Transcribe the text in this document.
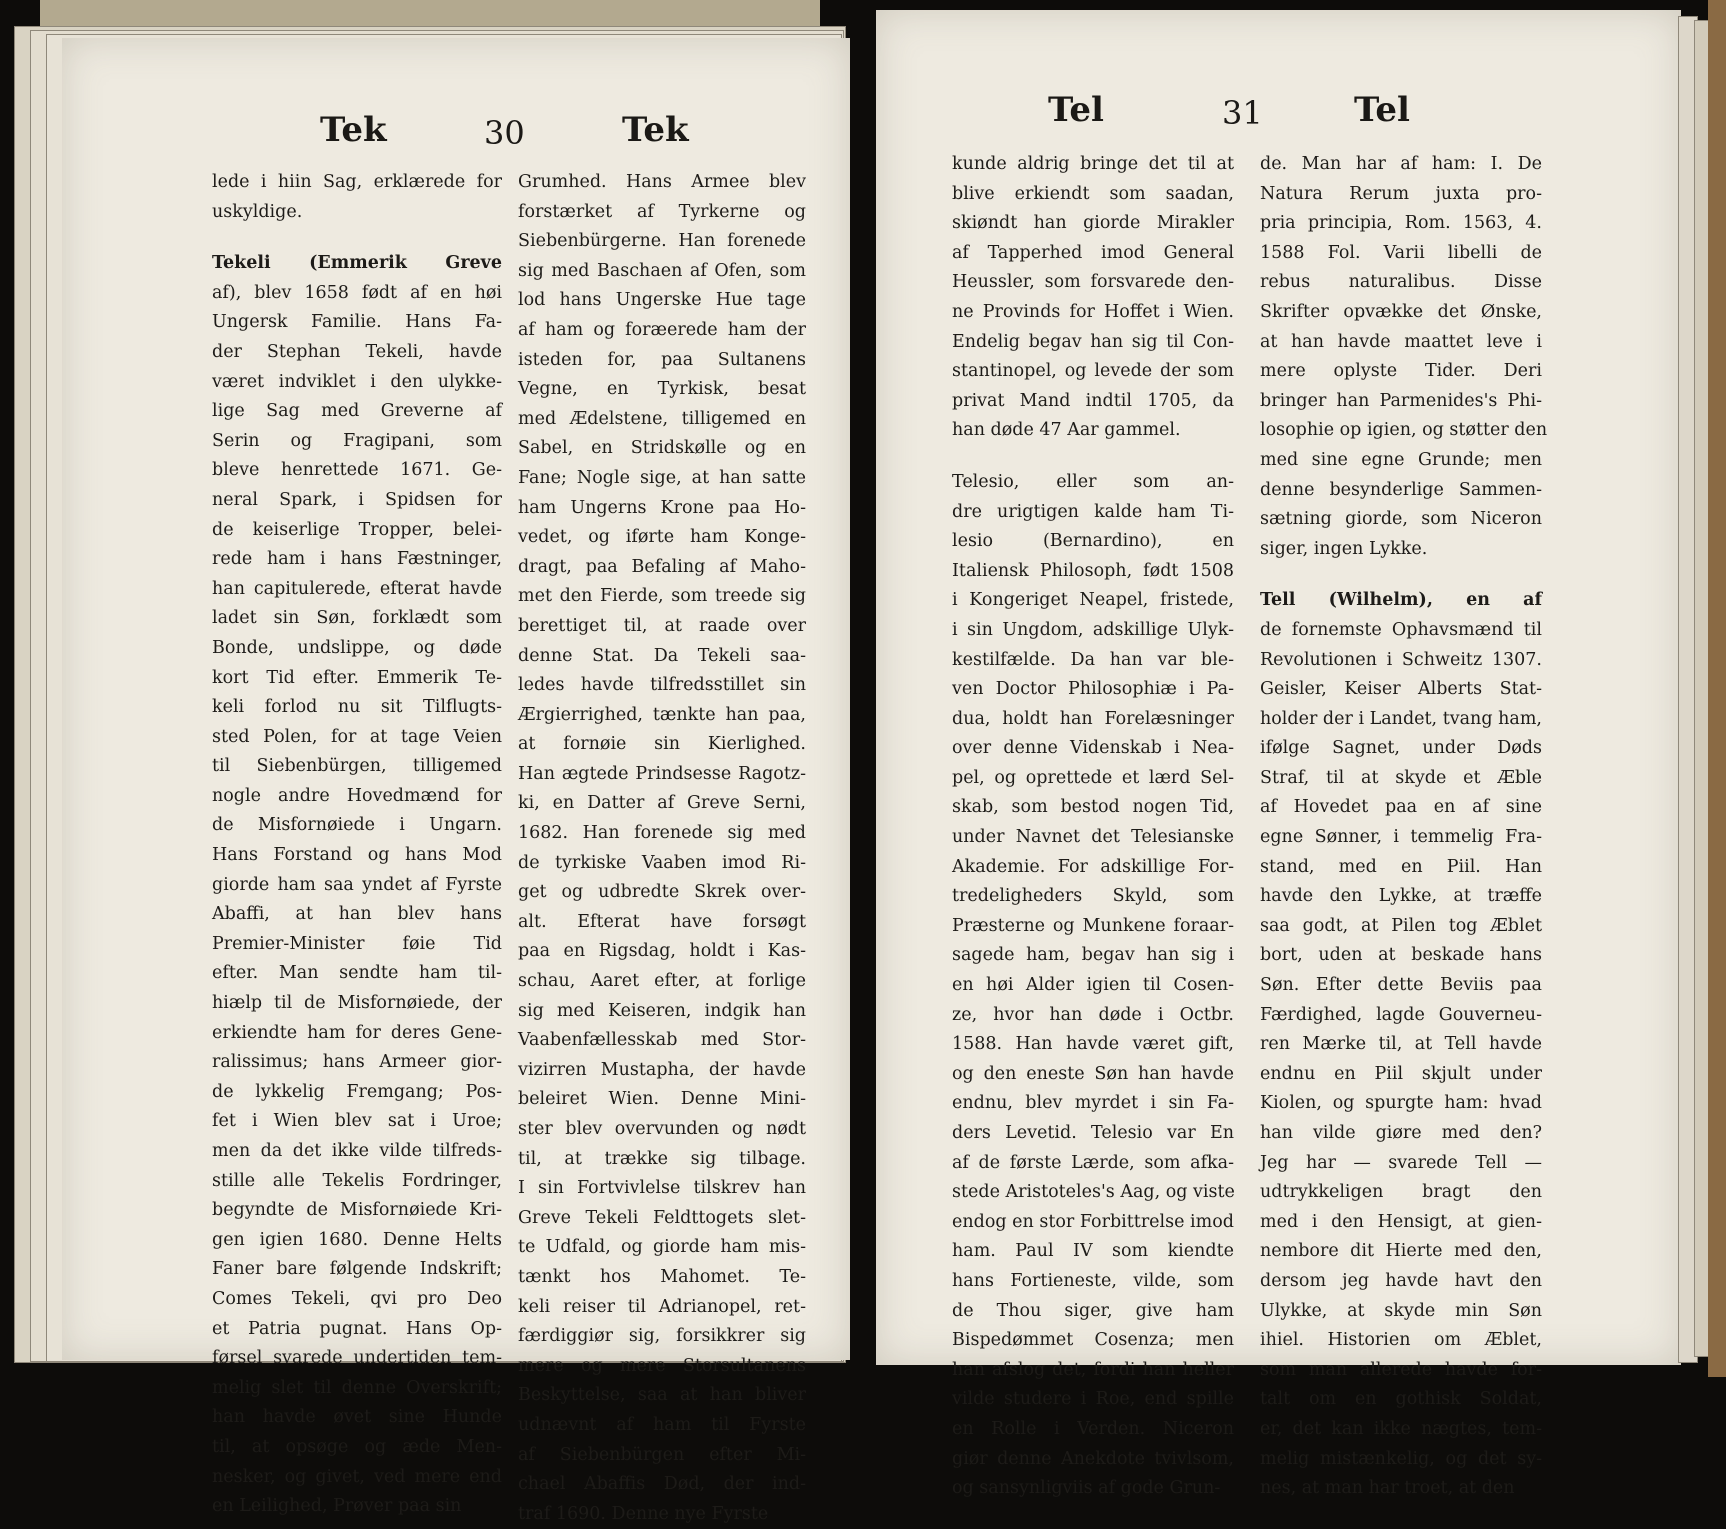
Tek	30	Tek
lede i hiin Sag, erklærede for
uskyldige.
Tekeli (Emmerik Greve
af), blev 1658 født af en høi
Ungersk Familie. Hans Fa-
der Stephan Tekeli, havde
været indviklet i den ulykke-
lige Sag med Greverne af
Serin og Fragipani, som
bleve henrettede 1671. Ge-
neral Spark, i Spidsen for
de keiserlige Tropper, belei-
rede ham i hans Fæstninger,
han capitulerede, efterat havde
ladet sin Søn, forklædt som
Bonde, undslippe, og døde
kort Tid efter. Emmerik Te-
keli forlod nu sit Tilflugts-
sted Polen, for at tage Veien
til Siebenbürgen, tilligemed
nogle andre Hovedmænd for
de Misfornøiede i Ungarn.
Hans Forstand og hans Mod
giorde ham saa yndet af Fyrste
Abaffi, at han blev hans
Premier-Minister føie Tid
efter. Man sendte ham til-
hiælp til de Misfornøiede, der
erkiendte ham for deres Gene-
ralissimus; hans Armeer gior-
de lykkelig Fremgang; Pos-
fet i Wien blev sat i Uroe;
men da det ikke vilde tilfreds-
stille alle Tekelis Fordringer,
begyndte de Misfornøiede Kri-
gen igien 1680. Denne Helts
Faner bare følgende Indskrift;
Comes Tekeli, qvi pro Deo
et Patria pugnat. Hans Op-
førsel svarede undertiden tem-
melig slet til denne Overskrift;
han havde øvet sine Hunde
til, at opsøge og æde Men-
nesker, og givet, ved mere end
en Leilighed, Prøver paa sin
Grumhed. Hans Armee blev
forstærket af Tyrkerne og
Siebenbürgerne. Han forenede
sig med Baschaen af Ofen, som
lod hans Ungerske Hue tage
af ham og foræerede ham der
isteden for, paa Sultanens
Vegne, en Tyrkisk, besat
med Ædelstene, tilligemed en
Sabel, en Stridskølle og en
Fane; Nogle sige, at han satte
ham Ungerns Krone paa Ho-
vedet, og iførte ham Konge-
dragt, paa Befaling af Maho-
met den Fierde, som treede sig
berettiget til, at raade over
denne Stat. Da Tekeli saa-
ledes havde tilfredsstillet sin
Ærgierrighed, tænkte han paa,
at fornøie sin Kierlighed.
Han ægtede Prindsesse Ragotz-
ki, en Datter af Greve Serni,
1682. Han forenede sig med
de tyrkiske Vaaben imod Ri-
get og udbredte Skrek over-
alt. Efterat have forsøgt
paa en Rigsdag, holdt i Kas-
schau, Aaret efter, at forlige
sig med Keiseren, indgik han
Vaabenfællesskab med Stor-
vizirren Mustapha, der havde
beleiret Wien. Denne Mini-
ster blev overvunden og nødt
til, at trække sig tilbage.
I sin Fortvivlelse tilskrev han
Greve Tekeli Feldttogets slet-
te Udfald, og giorde ham mis-
tænkt hos Mahomet. Te-
keli reiser til Adrianopel, ret-
færdiggiør sig, forsikkrer sig
mere og mere Storsultanens
Beskyttelse, saa at han bliver
udnævnt af ham til Fyrste
af Siebenbürgen efter Mi-
chael Abaffis Død, der ind-
traf 1690. Denne nye Fyrste
Tel	31	Tel
kunde aldrig bringe det til at
blive erkiendt som saadan,
skiøndt han giorde Mirakler
af Tapperhed imod General
Heussler, som forsvarede den-
ne Provinds for Hoffet i Wien.
Endelig begav han sig til Con-
stantinopel, og levede der som
privat Mand indtil 1705, da
han døde 47 Aar gammel.
Telesio, eller som an-
dre urigtigen kalde ham Ti-
lesio (Bernardino), en
Italiensk Philosoph, født 1508
i Kongeriget Neapel, fristede,
i sin Ungdom, adskillige Ulyk-
kestilfælde. Da han var ble-
ven Doctor Philosophiæ i Pa-
dua, holdt han Forelæsninger
over denne Videnskab i Nea-
pel, og oprettede et lærd Sel-
skab, som bestod nogen Tid,
under Navnet det Telesianske
Akademie. For adskillige For-
tredeligheders Skyld, som
Præsterne og Munkene foraar-
sagede ham, begav han sig i
en høi Alder igien til Cosen-
ze, hvor han døde i Octbr.
1588. Han havde været gift,
og den eneste Søn han havde
endnu, blev myrdet i sin Fa-
ders Levetid. Telesio var En
af de første Lærde, som afka-
stede Aristoteles's Aag, og viste
endog en stor Forbittrelse imod
ham. Paul IV som kiendte
hans Fortieneste, vilde, som
de Thou siger, give ham
Bispedømmet Cosenza; men
han afslog det, fordi han heller
vilde studere i Roe, end spille
en Rolle i Verden. Niceron
giør denne Anekdote tvivlsom,
og sansynligviis af gode Grun-
de. Man har af ham: I. De
Natura Rerum juxta pro-
pria principia, Rom. 1563, 4.
1588 Fol. Varii libelli de
rebus naturalibus. Disse
Skrifter opvække det Ønske,
at han havde maattet leve i
mere oplyste Tider. Deri
bringer han Parmenides's Phi-
losophie op igien, og støtter den
med sine egne Grunde; men
denne besynderlige Sammen-
sætning giorde, som Niceron
siger, ingen Lykke.
Tell (Wilhelm), en af
de fornemste Ophavsmænd til
Revolutionen i Schweitz 1307.
Geisler, Keiser Alberts Stat-
holder der i Landet, tvang ham,
ifølge Sagnet, under Døds
Straf, til at skyde et Æble
af Hovedet paa en af sine
egne Sønner, i temmelig Fra-
stand, med en Piil. Han
havde den Lykke, at træffe
saa godt, at Pilen tog Æblet
bort, uden at beskade hans
Søn. Efter dette Beviis paa
Færdighed, lagde Gouverneu-
ren Mærke til, at Tell havde
endnu en Piil skjult under
Kiolen, og spurgte ham: hvad
han vilde giøre med den?
Jeg har — svarede Tell —
udtrykkeligen bragt den
med i den Hensigt, at gien-
nembore dit Hierte med den,
dersom jeg havde havt den
Ulykke, at skyde min Søn
ihiel. Historien om Æblet,
som man allerede havde for-
talt om en gothisk Soldat,
er, det kan ikke nægtes, tem-
melig mistænkelig, og det sy-
nes, at man har troet, at den
